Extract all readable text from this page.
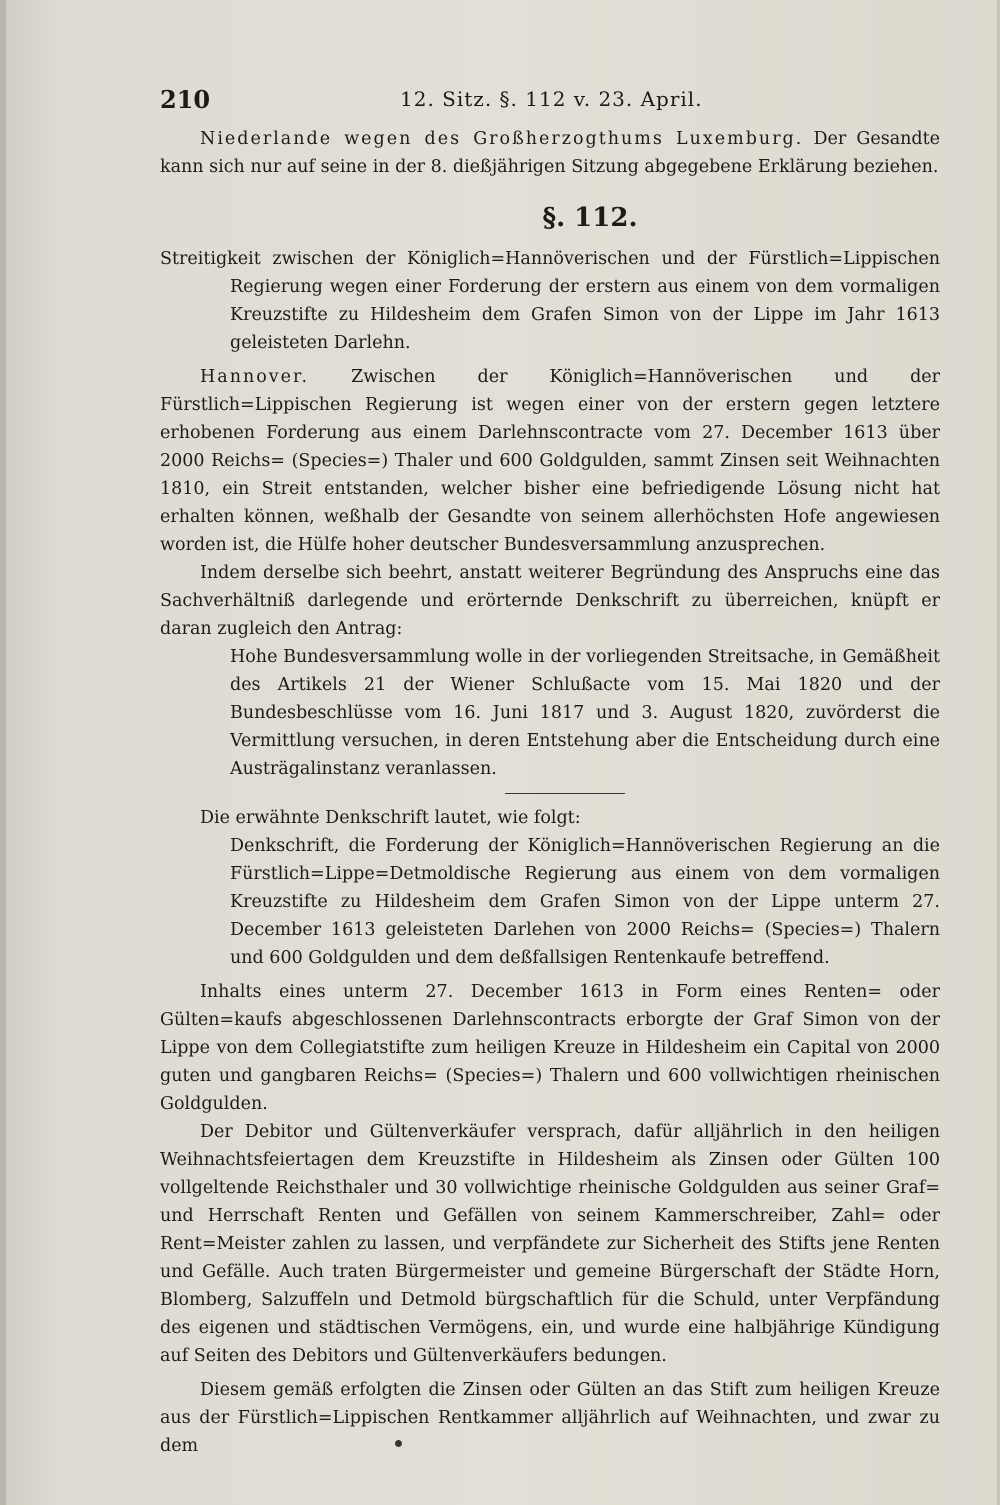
210	12. Sitz. §. 112 v. 23. April.

Niederlande wegen des Großherzogthums Luxemburg. Der Gesandte kann sich nur auf seine in der 8. dießjährigen Sitzung abgegebene Erklärung beziehen.

§. 112.

Streitigkeit zwischen der Königlich=Hannöverischen und der Fürstlich=Lippischen Regierung wegen einer Forderung der erstern aus einem von dem vormaligen Kreuzstifte zu Hildesheim dem Grafen Simon von der Lippe im Jahr 1613 geleisteten Darlehn.

Hannover. Zwischen der Königlich=Hannöverischen und der Fürstlich=Lippischen Regierung ist wegen einer von der erstern gegen letztere erhobenen Forderung aus einem Darlehnscontracte vom 27. December 1613 über 2000 Reichs= (Species=) Thaler und 600 Goldgulden, sammt Zinsen seit Weihnachten 1810, ein Streit entstanden, welcher bisher eine befriedigende Lösung nicht hat erhalten können, weßhalb der Gesandte von seinem allerhöchsten Hofe angewiesen worden ist, die Hülfe hoher deutscher Bundesversammlung anzusprechen.

Indem derselbe sich beehrt, anstatt weiterer Begründung des Anspruchs eine das Sachverhältniß darlegende und erörternde Denkschrift zu überreichen, knüpft er daran zugleich den Antrag:

Hohe Bundesversammlung wolle in der vorliegenden Streitsache, in Gemäßheit des Artikels 21 der Wiener Schlußacte vom 15. Mai 1820 und der Bundesbeschlüsse vom 16. Juni 1817 und 3. August 1820, zuvörderst die Vermittlung versuchen, in deren Entstehung aber die Entscheidung durch eine Austrägalinstanz veranlassen.

Die erwähnte Denkschrift lautet, wie folgt:

Denkschrift, die Forderung der Königlich=Hannöverischen Regierung an die Fürstlich=Lippe=Detmoldische Regierung aus einem von dem vormaligen Kreuzstifte zu Hildesheim dem Grafen Simon von der Lippe unterm 27. December 1613 geleisteten Darlehen von 2000 Reichs= (Species=) Thalern und 600 Goldgulden und dem deßfallsigen Rentenkaufe betreffend.

Inhalts eines unterm 27. December 1613 in Form eines Renten= oder Gülten=kaufs abgeschlossenen Darlehnscontracts erborgte der Graf Simon von der Lippe von dem Collegiatstifte zum heiligen Kreuze in Hildesheim ein Capital von 2000 guten und gangbaren Reichs= (Species=) Thalern und 600 vollwichtigen rheinischen Goldgulden.

Der Debitor und Gültenverkäufer versprach, dafür alljährlich in den heiligen Weihnachtsfeiertagen dem Kreuzstifte in Hildesheim als Zinsen oder Gülten 100 vollgeltende Reichsthaler und 30 vollwichtige rheinische Goldgulden aus seiner Graf= und Herrschaft Renten und Gefällen von seinem Kammerschreiber, Zahl= oder Rent=Meister zahlen zu lassen, und verpfändete zur Sicherheit des Stifts jene Renten und Gefälle. Auch traten Bürgermeister und gemeine Bürgerschaft der Städte Horn, Blomberg, Salzuffeln und Detmold bürgschaftlich für die Schuld, unter Verpfändung des eigenen und städtischen Vermögens, ein, und wurde eine halbjährige Kündigung auf Seiten des Debitors und Gültenverkäufers bedungen.

Diesem gemäß erfolgten die Zinsen oder Gülten an das Stift zum heiligen Kreuze aus der Fürstlich=Lippischen Rentkammer alljährlich auf Weihnachten, und zwar zu dem
